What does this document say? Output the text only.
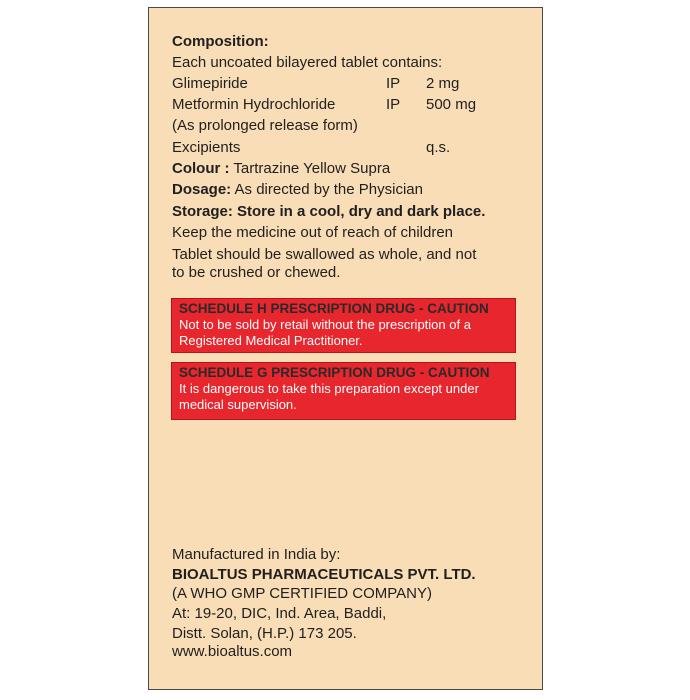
Composition:
Each uncoated bilayered tablet contains:
Glimepiride	IP 2 mg
Metformin Hydrochloride	IP 500 mg
(As prolonged release form)
Excipients	q.s.
Colour : Tartrazine Yellow Supra
Dosage: As directed by the Physician
Storage: Store in a cool, dry and dark place.
Keep the medicine out of reach of children
Tablet should be swallowed as whole, and not
to be crushed or chewed.
SCHEDULE H PRESCRIPTION DRUG - CAUTION
Not to be sold by retail without the prescription of a
Registered Medical Practitioner.
SCHEDULE G PRESCRIPTION DRUG - CAUTION
It is dangerous to take this preparation except under
medical supervision.
Manufactured in India by:
BIOALTUS PHARMACEUTICALS PVT. LTD.
(A WHO GMP CERTIFIED COMPANY)
At: 19-20, DIC, Ind. Area, Baddi,
Distt. Solan, (H.P.) 173 205.
www.bioaltus.com
